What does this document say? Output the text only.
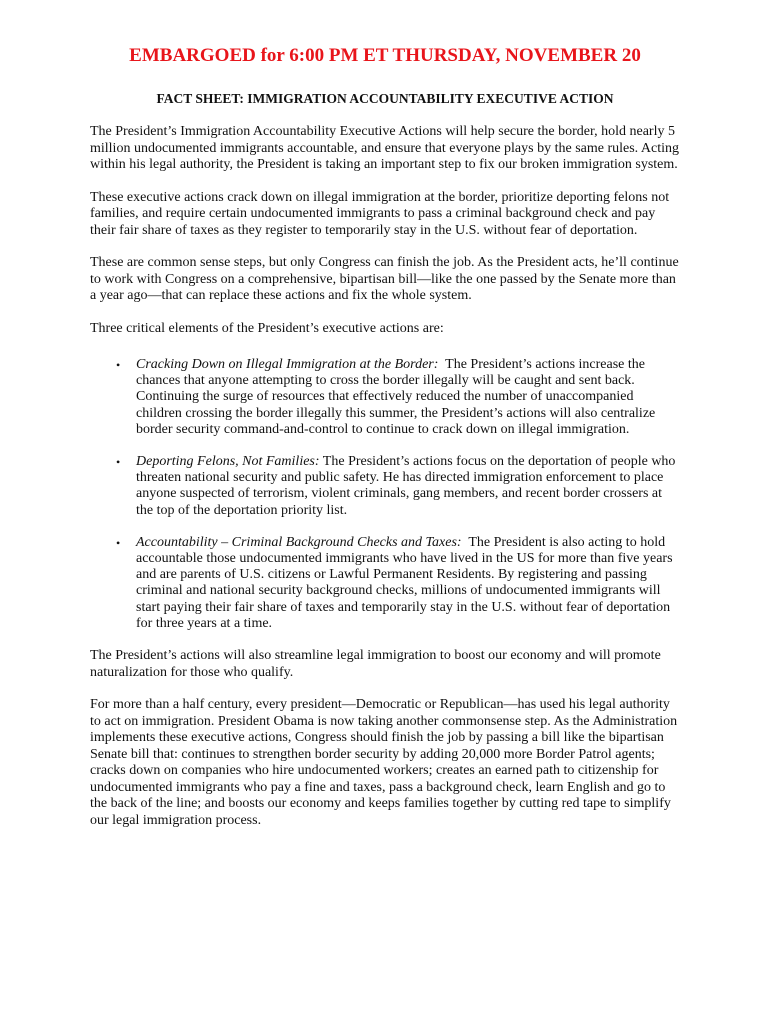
EMBARGOED for 6:00 PM ET THURSDAY, NOVEMBER 20
FACT SHEET: IMMIGRATION ACCOUNTABILITY EXECUTIVE ACTION

The President’s Immigration Accountability Executive Actions will help secure the border, hold nearly 5 million undocumented immigrants accountable, and ensure that everyone plays by the same rules. Acting within his legal authority, the President is taking an important step to fix our broken immigration system.

These executive actions crack down on illegal immigration at the border, prioritize deporting felons not families, and require certain undocumented immigrants to pass a criminal background check and pay their fair share of taxes as they register to temporarily stay in the U.S. without fear of deportation.

These are common sense steps, but only Congress can finish the job. As the President acts, he’ll continue to work with Congress on a comprehensive, bipartisan bill—like the one passed by the Senate more than a year ago—that can replace these actions and fix the whole system.

Three critical elements of the President’s executive actions are:

• Cracking Down on Illegal Immigration at the Border: The President’s actions increase the chances that anyone attempting to cross the border illegally will be caught and sent back. Continuing the surge of resources that effectively reduced the number of unaccompanied children crossing the border illegally this summer, the President’s actions will also centralize border security command-and-control to continue to crack down on illegal immigration.
• Deporting Felons, Not Families: The President’s actions focus on the deportation of people who threaten national security and public safety. He has directed immigration enforcement to place anyone suspected of terrorism, violent criminals, gang members, and recent border crossers at the top of the deportation priority list.
• Accountability – Criminal Background Checks and Taxes: The President is also acting to hold accountable those undocumented immigrants who have lived in the US for more than five years and are parents of U.S. citizens or Lawful Permanent Residents. By registering and passing criminal and national security background checks, millions of undocumented immigrants will start paying their fair share of taxes and temporarily stay in the U.S. without fear of deportation for three years at a time.

The President’s actions will also streamline legal immigration to boost our economy and will promote naturalization for those who qualify.

For more than a half century, every president—Democratic or Republican—has used his legal authority to act on immigration. President Obama is now taking another commonsense step. As the Administration implements these executive actions, Congress should finish the job by passing a bill like the bipartisan Senate bill that: continues to strengthen border security by adding 20,000 more Border Patrol agents; cracks down on companies who hire undocumented workers; creates an earned path to citizenship for undocumented immigrants who pay a fine and taxes, pass a background check, learn English and go to the back of the line; and boosts our economy and keeps families together by cutting red tape to simplify our legal immigration process.
